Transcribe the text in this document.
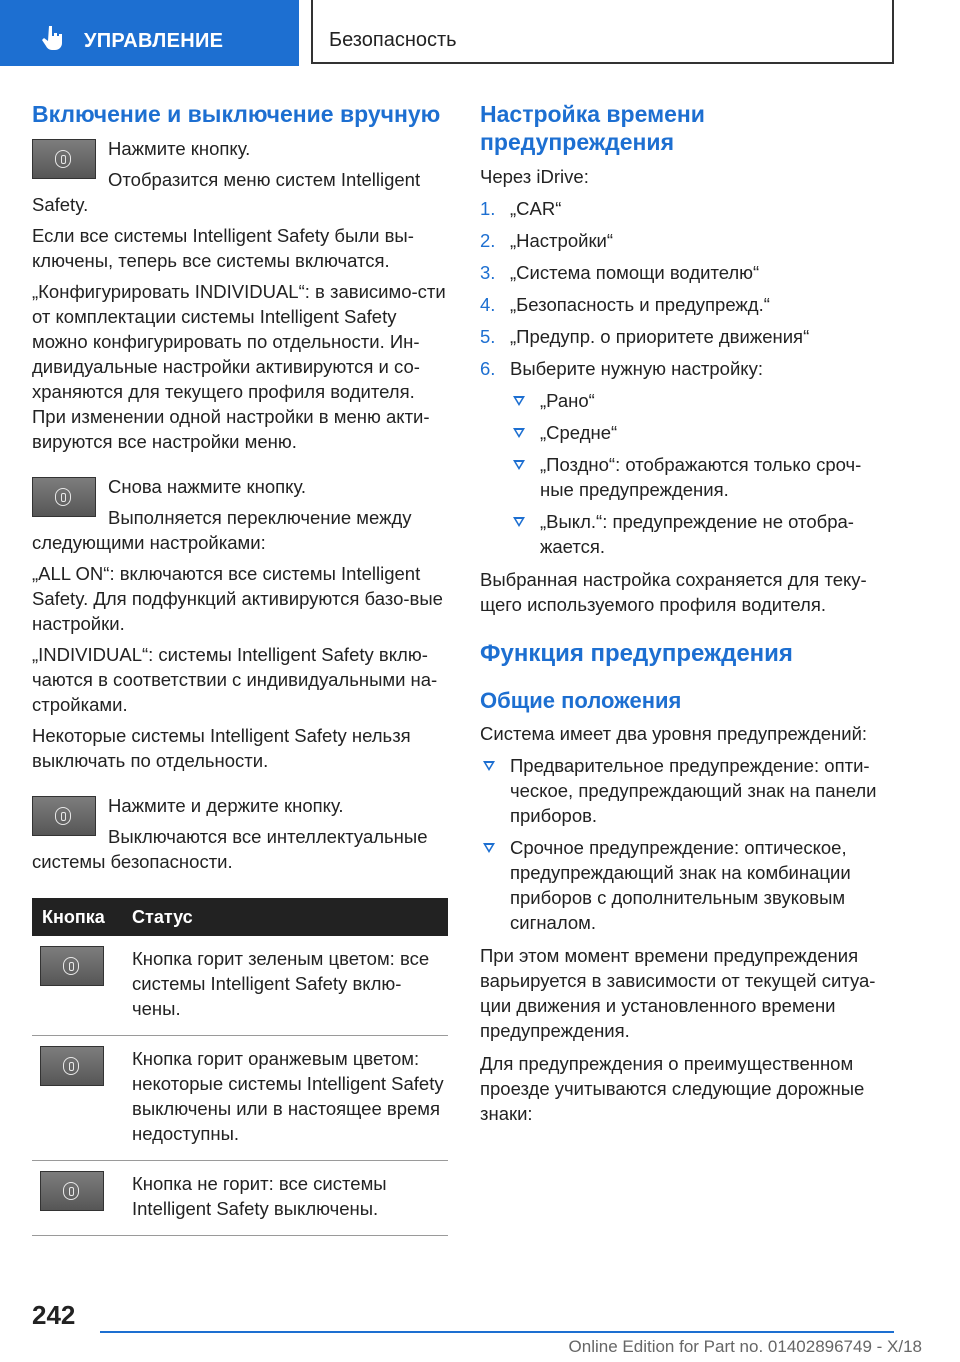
УПРАВЛЕНИЕ	Безопасность
Включение и выключение вручную

Нажмите кнопку.

Отобразится меню систем Intelligent Safety.

Если все системы Intelligent Safety были вы-ключены, теперь все системы включатся.

„Конфигурировать INDIVIDUAL“: в зависимо-сти от комплектации системы Intelligent Safety можно конфигурировать по отдельности. Ин-дивидуальные настройки активируются и со-храняются для текущего профиля водителя. При изменении одной настройки в меню акти-вируются все настройки меню.

Снова нажмите кнопку.

Выполняется переключение между следующими настройками:

„ALL ON“: включаются все системы Intelligent Safety. Для подфункций активируются базо-вые настройки.

„INDIVIDUAL“: системы Intelligent Safety вклю-чаются в соответствии с индивидуальными на-стройками.

Некоторые системы Intelligent Safety нельзя выключать по отдельности.

Нажмите и держите кнопку.

Выключаются все интеллектуальные системы безопасности.

Кнопка	Статус

	Кнопка горит зеленым цветом: все системы Intelligent Safety вклю-чены.

	Кнопка горит оранжевым цветом: некоторые системы Intelligent Safety выключены или в настоящее время недоступны.

	Кнопка не горит: все системы Intelligent Safety выключены.
Настройка времени предупреждения

Через iDrive:

1. „CAR“
2. „Настройки“
3. „Система помощи водителю“
4. „Безопасность и предупрежд.“
5. „Предупр. о приоритете движения“
6. Выберите нужную настройку:
„Рано“
„Средне“
„Поздно“: отображаются только сроч-ные предупреждения.
„Выкл.“: предупреждение не отобра-жается.

Выбранная настройка сохраняется для теку-щего используемого профиля водителя.

Функция предупреждения
Общие положения

Система имеет два уровня предупреждений:

Предварительное предупреждение: опти-ческое, предупреждающий знак на панели приборов.
Срочное предупреждение: оптическое, предупреждающий знак на комбинации приборов с дополнительным звуковым сигналом.

При этом момент времени предупреждения варьируется в зависимости от текущей ситуа-ции движения и установленного времени предупреждения.

Для предупреждения о преимущественном проезде учитываются следующие дорожные знаки:

242
Online Edition for Part no. 01402896749 - X/18
